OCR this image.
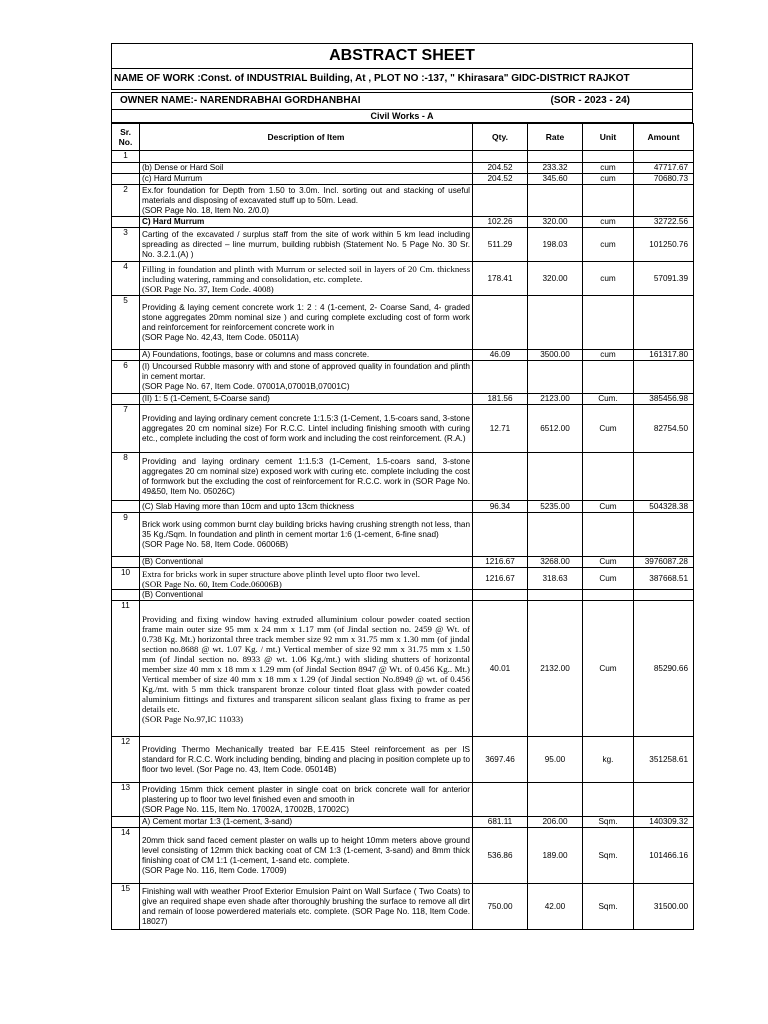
ABSTRACT SHEET
NAME OF WORK :Const. of INDUSTRIAL Building, At , PLOT NO :-137, " Khirasara" GIDC-DISTRICT RAJKOT
OWNER NAME:- NARENDRABHAI GORDHANBHAI	(SOR - 2023 - 24)
Civil Works - A
Sr.
No.	Description of Item	Qty.	Rate	Unit	Amount
1					
	(b) Dense or Hard Soil	204.52	233.32	cum	47717.67
	(c) Hard Murrum	204.52	345.60	cum	70680.73
2	Ex.for foundation for Depth from 1.50 to 3.0m. Incl. sorting out and stacking of useful materials and disposing of excavated stuff up to 50m. Lead.
(SOR Page No. 18, Item No. 2/0.0)				
	C) Hard Murrum	102.26	320.00	cum	32722.56
3	Carting of the excavated / surplus staff from the site of work within 5 km lead including spreading as directed – line murrum, building rubbish (Statement No. 5 Page No. 30 Sr. No. 3.2.1.(A) )	511.29	198.03	cum	101250.76
4	Filling in foundation and plinth with Murrum or selected soil in layers of 20 Cm. thickness including watering, ramming and consolidation, etc. complete.
(SOR Page No. 37, Item Code. 4008)	178.41	320.00	cum	57091.39
5	Providing & laying cement concrete work 1: 2 : 4 (1-cement, 2- Coarse Sand, 4- graded stone aggregates 20mm nominal size ) and curing complete excluding cost of form work and reinforcement for reinforcement concrete work in
(SOR Page No. 42,43, Item Code. 05011A)				
	A) Foundations, footings, base or columns and mass concrete.	46.09	3500.00	cum	161317.80
6	(I) Uncoursed Rubble masonry with and stone of approved quality in foundation and plinth in cement mortar.
(SOR Page No. 67, Item Code. 07001A,07001B,07001C)				
	(II) 1: 5 (1-Cement, 5-Coarse sand)	181.56	2123.00	Cum.	385456.98
7	Providing and laying ordinary cement concrete 1:1.5:3 (1-Cement, 1.5-coars sand, 3-stone aggregates 20 cm nominal size) For R.C.C. Lintel including finishing smooth with curing etc., complete including the cost of form work and including the cost reinforcement. (R.A.)	12.71	6512.00	Cum	82754.50
8	Providing and laying ordinary cement 1:1.5:3 (1-Cement, 1.5-coars sand, 3-stone aggregates 20 cm nominal size) exposed work with curing etc. complete including the cost of formwork but the excluding the cost of reinforcement for R.C.C. work in (SOR Page No. 49&50, Item No. 05026C)				
	(C) Slab Having more than 10cm and upto 13cm thickness	96.34	5235.00	Cum	504328.38
9	Brick work using common burnt clay building bricks having crushing strength not less, than 35 Kg./Sqm. In foundation and plinth in cement mortar 1:6 (1-cement, 6-fine snad)
(SOR Page No. 58, Item Code. 06006B)				
	(B) Conventional	1216.67	3268.00	Cum	3976087.28
10	Extra for bricks work in super structure above plinth level upto floor two level.
(SOR Page No. 60, Item Code.06006B)	1216.67	318.63	Cum	387668.51
	(B) Conventional				
11	Providing and fixing window having extruded alluminium colour powder coated section frame main outer size 95 mm x 24 mm x 1.17 mm (of Jindal section no. 2459 @ Wt. of 0.738 Kg. Mt.) horizontal three track member size 92 mm x 31.75 mm x 1.30 mm (of jindal section no.8688 @ wt. 1.07 Kg. / mt.) Vertical member of size 92 mm x 31.75 mm x 1.50 mm (of Jindal section no. 8933 @ wt. 1.06 Kg./mt.) with sliding shutters of horizontal member size 40 mm x 18 mm x 1.29 mm (of Jindal Section 8947 @ Wt. of 0.456 Kg.. Mt.) Vertical member of size 40 mm x 18 mm x 1.29 (of Jindal section No.8949 @ wt. of 0.456 Kg./mt. with 5 mm thick transparent bronze colour tinted float glass with powder coated aluminium fittings and fixtures and transparent silicon sealant glass fixing to frame as per details etc.
(SOR Page No.97,IC 11033)	40.01	2132.00	Cum	85290.66
12	Providing Thermo Mechanically treated bar F.E.415 Steel reinforcement as per IS standard for R.C.C. Work including bending, binding and placing in position complete up to floor two level. (Sor Page no. 43, Item Code. 05014B)	3697.46	95.00	kg.	351258.61
13	Providing 15mm thick cement plaster in single coat on brick concrete wall for anterior plastering up to floor two level finished even and smooth in
(SOR Page No. 115, Item No. 17002A, 17002B, 17002C)				
	A) Cement mortar 1:3 (1-cement, 3-sand)	681.11	206.00	Sqm.	140309.32
14	20mm thick sand faced cement plaster on walls up to height 10mm meters above ground level consisting of 12mm thick backing coat of CM 1:3 (1-cement, 3-sand) and 8mm thick finishing coat of CM 1:1 (1-cement, 1-sand etc. complete.
(SOR Page No. 116, Item Code. 17009)	536.86	189.00	Sqm.	101466.16
15	Finishing wall with weather Proof Exterior Emulsion Paint on Wall Surface ( Two Coats) to give an required shape even shade after thoroughly brushing the surface to remove all dirt and remain of loose powerdered materials etc. complete. (SOR Page No. 118, Item Code. 18027)	750.00	42.00	Sqm.	31500.00
